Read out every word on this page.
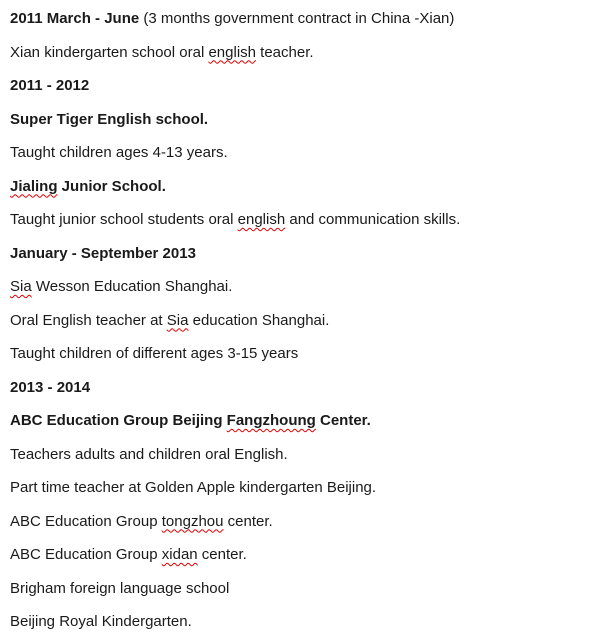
2011 March - June (3 months government contract in China -Xian)

Xian kindergarten school oral english teacher.

2011 - 2012

Super Tiger English school.

Taught children ages 4-13 years.

Jialing Junior School.

Taught junior school students oral english and communication skills.

January - September 2013

Sia Wesson Education Shanghai.

Oral English teacher at Sia education Shanghai.

Taught children of different ages 3-15 years

2013 - 2014

ABC Education Group Beijing Fangzhoung Center.

Teachers adults and children oral English.

Part time teacher at Golden Apple kindergarten Beijing.

ABC Education Group tongzhou center.

ABC Education Group xidan center.

Brigham foreign language school

Beijing Royal Kindergarten.
